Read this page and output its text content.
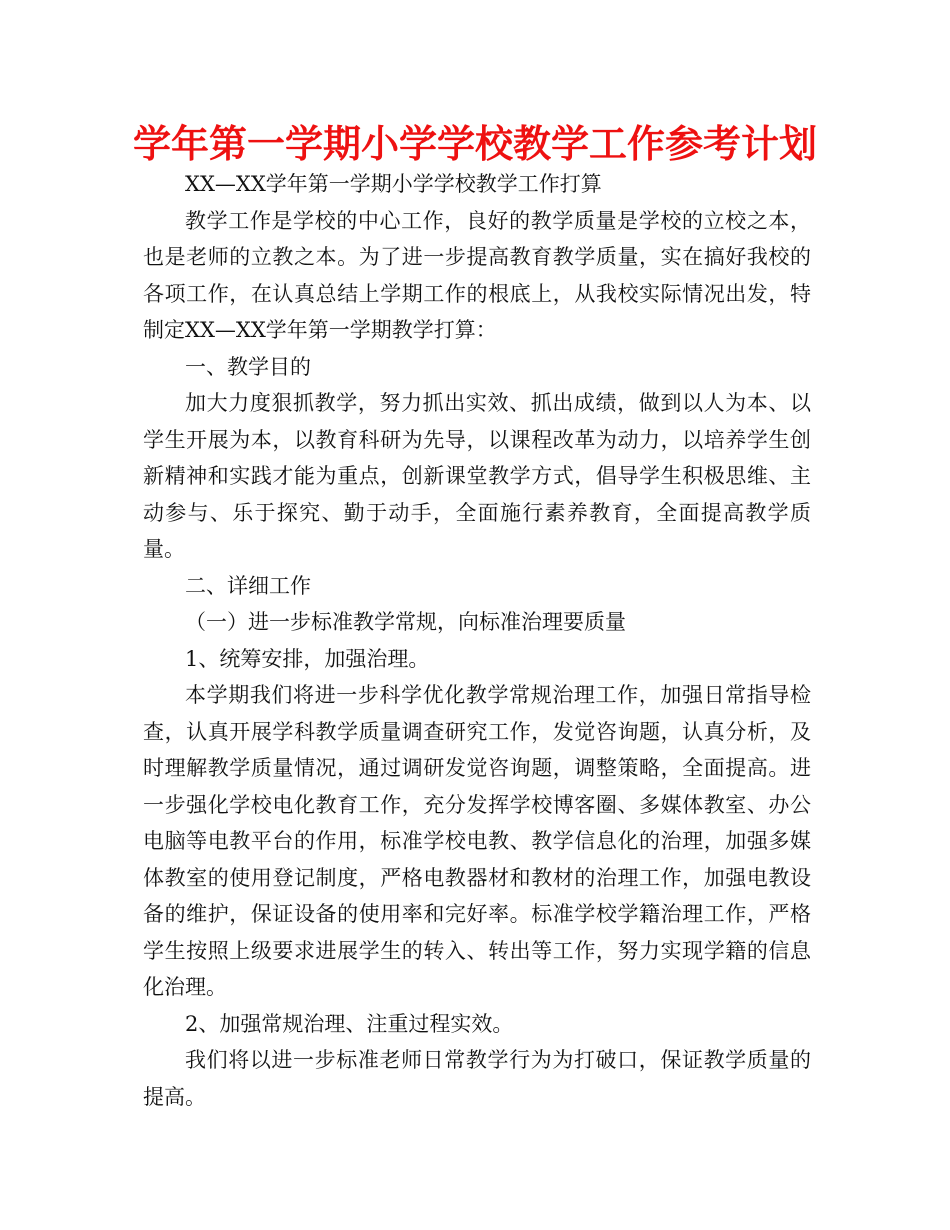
学年第一学期小学学校教学工作参考计划

XX—XX学年第一学期小学学校教学工作打算

教学工作是学校的中心工作，良好的教学质量是学校的立校之本，也是老师的立教之本。为了进一步提高教育教学质量，实在搞好我校的各项工作，在认真总结上学期工作的根底上，从我校实际情况出发，特制定XX—XX学年第一学期教学打算：

一、教学目的

加大力度狠抓教学，努力抓出实效、抓出成绩，做到以人为本、以学生开展为本，以教育科研为先导，以课程改革为动力，以培养学生创新精神和实践才能为重点，创新课堂教学方式，倡导学生积极思维、主动参与、乐于探究、勤于动手，全面施行素养教育，全面提高教学质量。

二、详细工作

（一）进一步标准教学常规，向标准治理要质量

1、统筹安排，加强治理。

本学期我们将进一步科学优化教学常规治理工作，加强日常指导检查，认真开展学科教学质量调查研究工作，发觉咨询题，认真分析，及时理解教学质量情况，通过调研发觉咨询题，调整策略，全面提高。进一步强化学校电化教育工作，充分发挥学校博客圈、多媒体教室、办公电脑等电教平台的作用，标准学校电教、教学信息化的治理，加强多媒体教室的使用登记制度，严格电教器材和教材的治理工作，加强电教设备的维护，保证设备的使用率和完好率。标准学校学籍治理工作，严格学生按照上级要求进展学生的转入、转出等工作，努力实现学籍的信息化治理。

2、加强常规治理、注重过程实效。

我们将以进一步标准老师日常教学行为为打破口，保证教学质量的提高。
